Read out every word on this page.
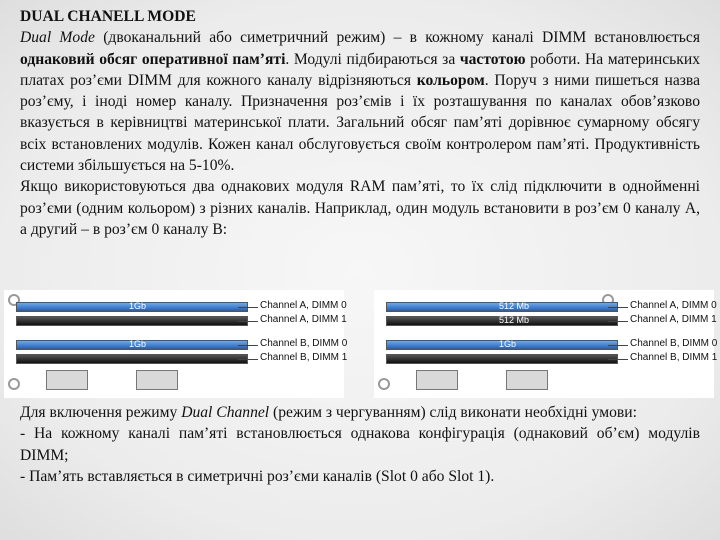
DUAL CHANELL MODE
Dual Mode (двоканальний або симетричний режим) – в кожному каналі DIMM встановлюється однаковий обсяг оперативної пам’яті. Модулі підбираються за частотою роботи. На материнських платах роз’єми DIMM для кожного каналу відрізняються кольором. Поруч з ними пишеться назва роз’єму, і іноді номер каналу. Призначення роз’ємів і їх розташування по каналах обов’язково вказується в керівництві материнської плати. Загальний обсяг пам’яті дорівнює сумарному обсягу всіх встановлених модулів. Кожен канал обслуговується своїм контролером пам’яті. Продуктивність системи збільшується на 5-10%.
Якщо використовуються два однакових модуля RAM пам’яті, то їх слід підключити в однойменні роз’єми (одним кольором) з різних каналів. Наприклад, один модуль встановити в роз’єм 0 каналу А, а другий – в роз’єм 0 каналу B:
1Gb
1Gb
Channel A, DIMM 0
Channel A, DIMM 1
Channel B, DIMM 0
Channel B, DIMM 1
512 Mb
512 Mb
1Gb
Channel A, DIMM 0
Channel A, DIMM 1
Channel B, DIMM 0
Channel B, DIMM 1
Для включення режиму Dual Channel (режим з чергуванням) слід виконати необхідні умови:
- На кожному каналі пам’яті встановлюється однакова конфігурація (однаковий об’єм) модулів DIMM;
- Пам’ять вставляється в симетричні роз’єми каналів (Slot 0 або Slot 1).
